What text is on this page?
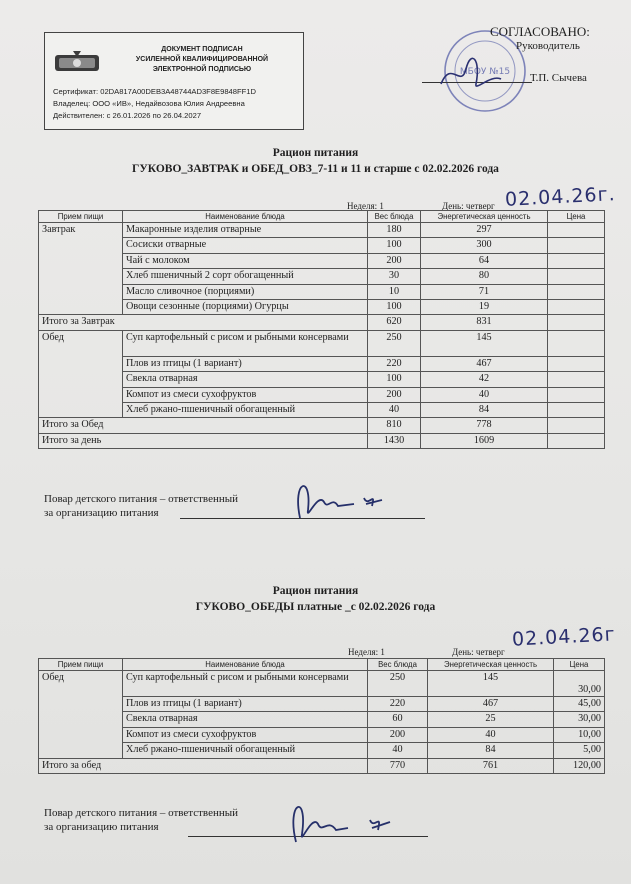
ДОКУМЕНТ ПОДПИСАН
УСИЛЕННОЙ КВАЛИФИЦИРОВАННОЙ
ЭЛЕКТРОННОЙ ПОДПИСЬЮ
Сертификат: 02DA817A00DEB3A48744AD3F8E9848FF1D
Владелец: ООО «ИВ», Недайвозова Юлия Андреевна
Действителен: с 26.01.2026 по 26.04.2027
МБОУ №15
СОГЛАСОВАНО:
Руководитель
Т.П. Сычева
Рацион питания
ГУКОВО_ЗАВТРАК и ОБЕД_ОВЗ_7-11 и 11 и старше с 02.02.2026 года
Неделя: 1	День: четверг 02.04.26г.
Прием пищи	Наименование блюда	Вес блюда	Энергетическая ценность	Цена
Завтрак	Макаронные изделия отварные	180	297	
	Сосиски отварные	100	300	
	Чай с молоком	200	64	
	Хлеб пшеничный 2 сорт обогащенный	30	80	
	Масло сливочное (порциями)	10	71	
	Овощи сезонные (порциями) Огурцы	100	19	
Итого за Завтрак		620	831	
Обед	Суп картофельный с рисом и рыбными консервами	250	145	
	Плов из птицы (1 вариант)	220	467	
	Свекла отварная	100	42	
	Компот из смеси сухофруктов	200	40	
	Хлеб ржано-пшеничный обогащенный	40	84	
Итого за Обед		810	778	
Итого за день		1430	1609	
Повар детского питания – ответственный
за организацию питания
Рацион питания
ГУКОВО_ОБЕДЫ платные _с 02.02.2026 года
Неделя: 1	День: четверг
02.04.26г
Прием пищи	Наименование блюда	Вес блюда	Энергетическая ценность	Цена
Обед	Суп картофельный с рисом и рыбными консервами	250	145	30,00
	Плов из птицы (1 вариант)	220	467	45,00
	Свекла отварная	60	25	30,00
	Компот из смеси сухофруктов	200	40	10,00
	Хлеб ржано-пшеничный обогащенный	40	84	5,00
Итого за обед		770	761	120,00
Повар детского питания – ответственный
за организацию питания
